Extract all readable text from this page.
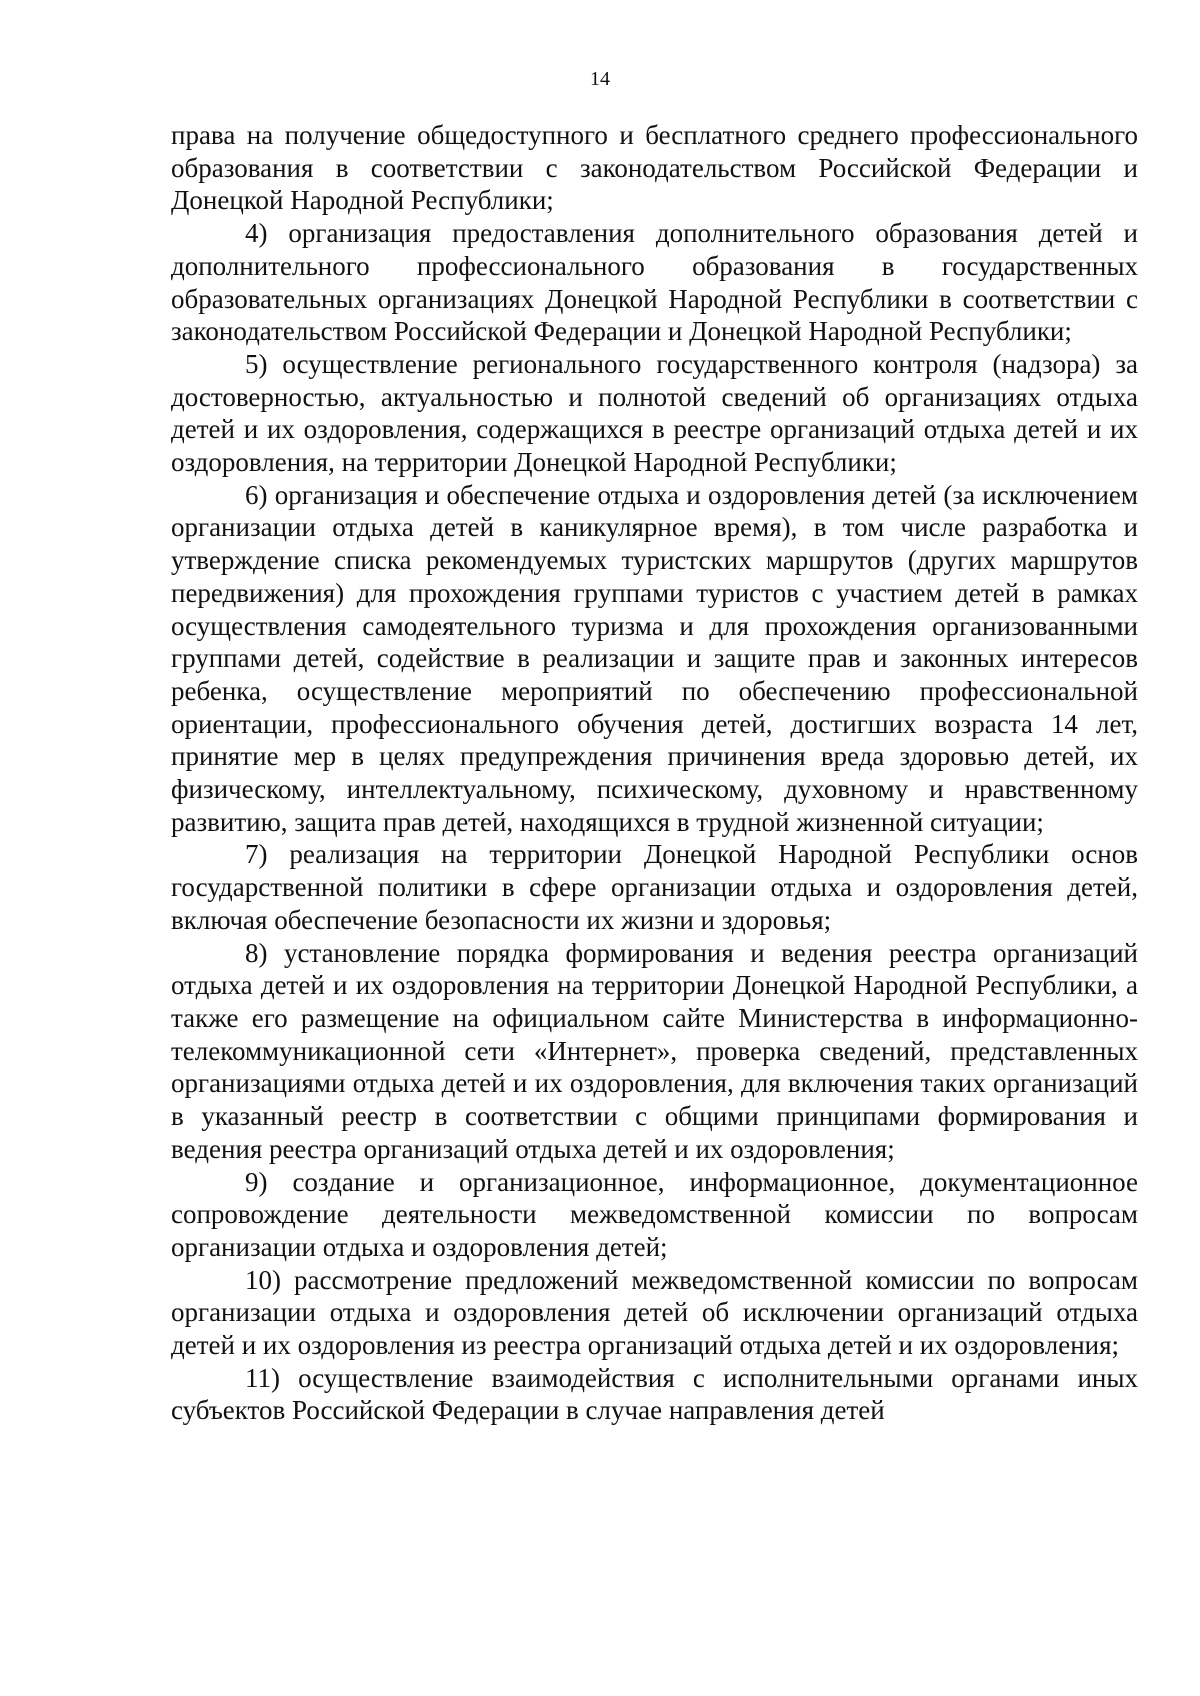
14

права на получение общедоступного и бесплатного среднего профессионального образования в соответствии с законодательством Российской Федерации и Донецкой Народной Республики;

4) организация предоставления дополнительного образования детей и дополнительного профессионального образования в государственных образовательных организациях Донецкой Народной Республики в соответствии с законодательством Российской Федерации и Донецкой Народной Республики;

5) осуществление регионального государственного контроля (надзора) за достоверностью, актуальностью и полнотой сведений об организациях отдыха детей и их оздоровления, содержащихся в реестре организаций отдыха детей и их оздоровления, на территории Донецкой Народной Республики;

6) организация и обеспечение отдыха и оздоровления детей (за исключением организации отдыха детей в каникулярное время), в том числе разработка и утверждение списка рекомендуемых туристских маршрутов (других маршрутов передвижения) для прохождения группами туристов с участием детей в рамках осуществления самодеятельного туризма и для прохождения организованными группами детей, содействие в реализации и защите прав и законных интересов ребенка, осуществление мероприятий по обеспечению профессиональной ориентации, профессионального обучения детей, достигших возраста 14 лет, принятие мер в целях предупреждения причинения вреда здоровью детей, их физическому, интеллектуальному, психическому, духовному и нравственному развитию, защита прав детей, находящихся в трудной жизненной ситуации;

7) реализация на территории Донецкой Народной Республики основ государственной политики в сфере организации отдыха и оздоровления детей, включая обеспечение безопасности их жизни и здоровья;

8) установление порядка формирования и ведения реестра организаций отдыха детей и их оздоровления на территории Донецкой Народной Республики, а также его размещение на официальном сайте Министерства в информационно-телекоммуникационной сети «Интернет», проверка сведений, представленных организациями отдыха детей и их оздоровления, для включения таких организаций в указанный реестр в соответствии с общими принципами формирования и ведения реестра организаций отдыха детей и их оздоровления;

9) создание и организационное, информационное, документационное сопровождение деятельности межведомственной комиссии по вопросам организации отдыха и оздоровления детей;

10) рассмотрение предложений межведомственной комиссии по вопросам организации отдыха и оздоровления детей об исключении организаций отдыха детей и их оздоровления из реестра организаций отдыха детей и их оздоровления;

11) осуществление взаимодействия с исполнительными органами иных субъектов Российской Федерации в случае направления детей
